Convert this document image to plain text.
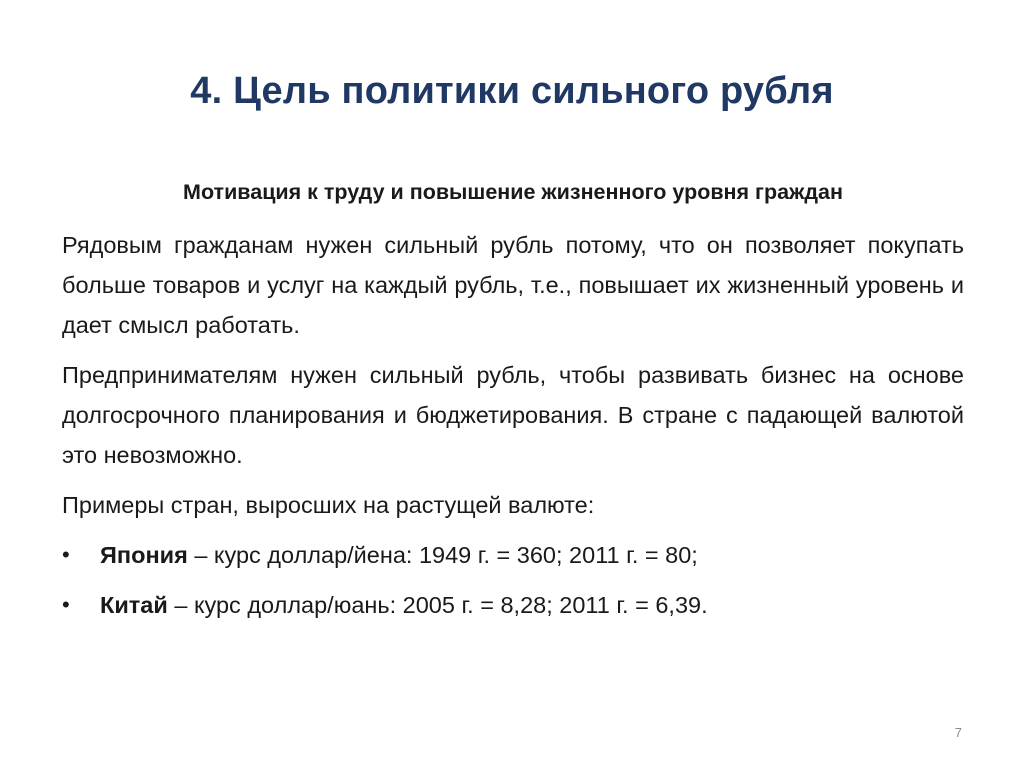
4. Цель политики сильного рубля

Мотивация к труду и повышение жизненного уровня граждан

Рядовым гражданам нужен сильный рубль потому, что он позволяет покупать больше товаров и услуг на каждый рубль, т.е., повышает их жизненный уровень и дает смысл работать.

Предпринимателям нужен сильный рубль, чтобы развивать бизнес на основе долгосрочного планирования и бюджетирования. В стране с падающей валютой это невозможно.

Примеры стран, выросших на растущей валюте:

• Япония – курс доллар/йена: 1949 г. = 360; 2011 г. = 80;
• Китай – курс доллар/юань: 2005 г. = 8,28; 2011 г. = 6,39.
7
